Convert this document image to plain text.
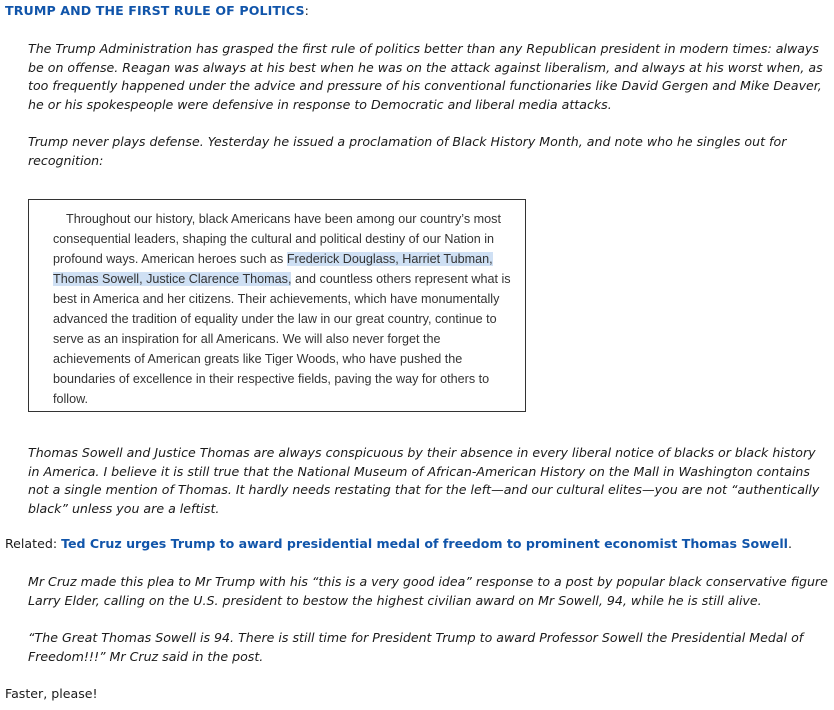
TRUMP AND THE FIRST RULE OF POLITICS:

The Trump Administration has grasped the first rule of politics better than any Republican president in modern times: always be on offense. Reagan was always at his best when he was on the attack against liberalism, and always at his worst when, as too frequently happened under the advice and pressure of his conventional functionaries like David Gergen and Mike Deaver, he or his spokespeople were defensive in response to Democratic and liberal media attacks.

Trump never plays defense. Yesterday he issued a proclamation of Black History Month, and note who he singles out for recognition:

Throughout our history, black Americans have been among our country’s most consequential leaders, shaping the cultural and political destiny of our Nation in profound ways. American heroes such as Frederick Douglass, Harriet Tubman, Thomas Sowell, Justice Clarence Thomas, and countless others represent what is best in America and her citizens. Their achievements, which have monumentally advanced the tradition of equality under the law in our great country, continue to serve as an inspiration for all Americans. We will also never forget the achievements of American greats like Tiger Woods, who have pushed the boundaries of excellence in their respective fields, paving the way for others to follow.

Thomas Sowell and Justice Thomas are always conspicuous by their absence in every liberal notice of blacks or black history in America. I believe it is still true that the National Museum of African-American History on the Mall in Washington contains not a single mention of Thomas. It hardly needs restating that for the left—and our cultural elites—you are not “authentically black” unless you are a leftist.

Related: Ted Cruz urges Trump to award presidential medal of freedom to prominent economist Thomas Sowell.

Mr Cruz made this plea to Mr Trump with his “this is a very good idea” response to a post by popular black conservative figure Larry Elder, calling on the U.S. president to bestow the highest civilian award on Mr Sowell, 94, while he is still alive.

“The Great Thomas Sowell is 94. There is still time for President Trump to award Professor Sowell the Presidential Medal of Freedom!!!” Mr Cruz said in the post.

Faster, please!
